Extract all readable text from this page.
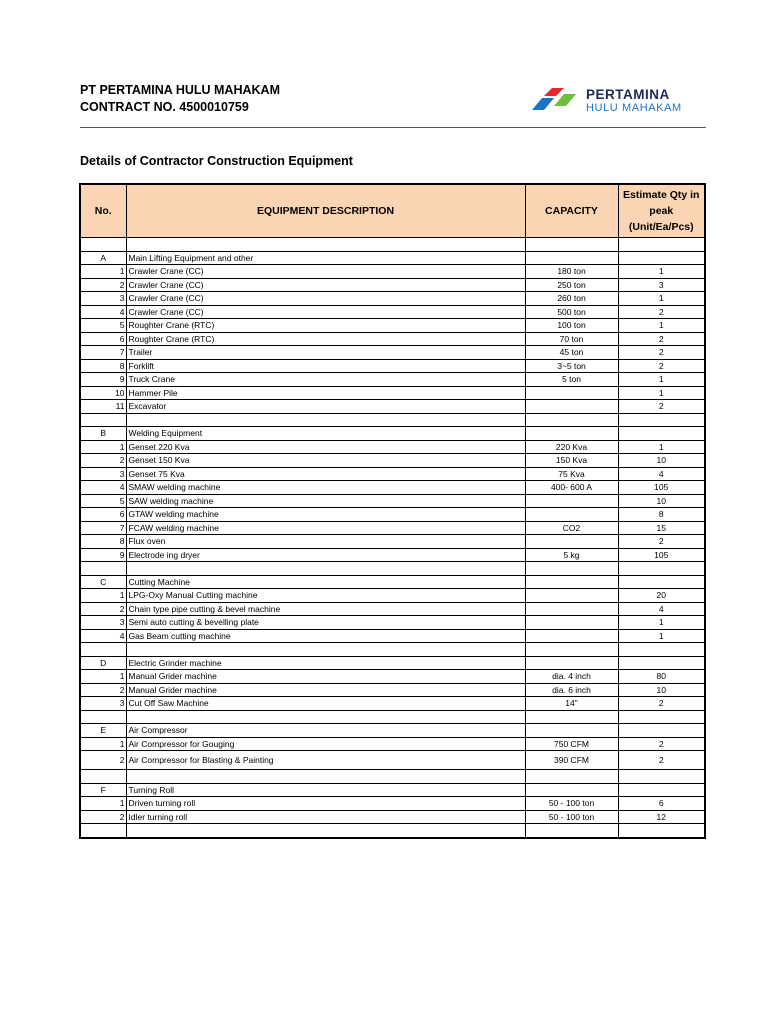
PT PERTAMINA HULU MAHAKAM
CONTRACT NO. 4500010759
PERTAMINA
HULU MAHAKAM
Details of Contractor Construction Equipment
No.	EQUIPMENT DESCRIPTION	CAPACITY	Estimate Qty in peak (Unit/Ea/Pcs)

A	Main Lifting Equipment and other		
1	Crawler Crane (CC)	180 ton	1
2	Crawler Crane (CC)	250 ton	3
3	Crawler Crane (CC)	260 ton	1
4	Crawler Crane (CC)	500 ton	2
5	Roughter Crane (RTC)	100 ton	1
6	Roughter Crane (RTC)	70 ton	2
7	Trailer	45 ton	2
8	Forklift	3~5 ton	2
9	Truck Crane	5 ton	1
10	Hammer Pile		1
11	Excavator		2

B	Welding Equipment		
1	Genset 220 Kva	220 Kva	1
2	Genset 150 Kva	150 Kva	10
3	Genset 75 Kva	75 Kva	4
4	SMAW welding machine	400- 600 A	105
5	SAW welding machine		10
6	GTAW welding machine		8
7	FCAW welding machine	CO2	15
8	Flux oven		2
9	Electrode ing dryer	5 kg	105

C	Cutting Machine		
1	LPG-Oxy Manual Cutting machine		20
2	Chain type pipe cutting & bevel machine		4
3	Semi auto cutting & bevelling plate		1
4	Gas Beam cutting machine		1

D	Electric Grinder machine		
1	Manual Grider machine	dia. 4 inch	80
2	Manual Grider machine	dia. 6 inch	10
3	Cut Off Saw Machine	14"	2

E	Air Compressor		
1	Air Compressor for Gouging	750 CFM	2
2	Air Compressor for Blasting & Painting	390 CFM	2

F	Turning Roll		
1	Driven turning roll	50 - 100 ton	6
2	Idler turning roll	50 - 100 ton	12
